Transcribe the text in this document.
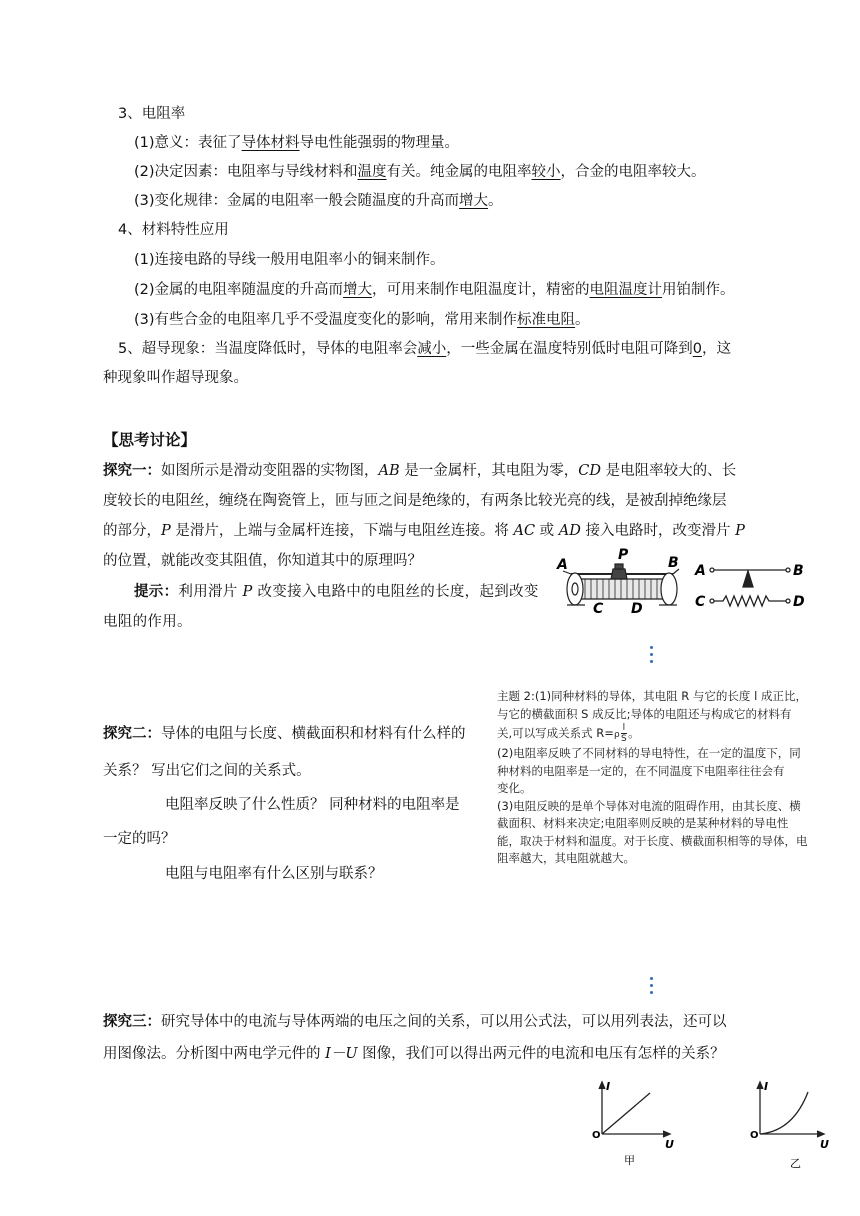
3、电阻率
(1)意义：表征了导体材料导电性能强弱的物理量。
(2)决定因素：电阻率与导线材料和温度有关。纯金属的电阻率较小，合金的电阻率较大。
(3)变化规律：金属的电阻率一般会随温度的升高而增大。
4、材料特性应用
(1)连接电路的导线一般用电阻率小的铜来制作。
(2)金属的电阻率随温度的升高而增大，可用来制作电阻温度计，精密的电阻温度计用铂制作。
(3)有些合金的电阻率几乎不受温度变化的影响，常用来制作标准电阻。
5、超导现象：当温度降低时，导体的电阻率会减小，一些金属在温度特别低时电阻可降到0，这
种现象叫作超导现象。
【思考讨论】
探究一：如图所示是滑动变阻器的实物图，AB 是一金属杆，其电阻为零，CD 是电阻率较大的、长
度较长的电阻丝，缠绕在陶瓷管上，匝与匝之间是绝缘的，有两条比较光亮的线，是被刮掉绝缘层
的部分，P 是滑片，上端与金属杆连接，下端与电阻丝连接。将 AC 或 AD 接入电路时，改变滑片 P
的位置，就能改变其阻值，你知道其中的原理吗？
提示：利用滑片 P 改变接入电路中的电阻丝的长度，起到改变
电阻的作用。
A
P	B
C D
A	B
C	D
探究二：导体的电阻与长度、横截面积和材料有什么样的
关系？ 写出它们之间的关系式。
电阻率反映了什么性质？ 同种材料的电阻率是
一定的吗？
电阻与电阻率有什么区别与联系？
主题 2:(1)同种材料的导体，其电阻 R 与它的长度 l 成正比，
与它的横截面积 S 成反比;导体的电阻还与构成它的材料有
关,可以写成关系式 $R=\rho \frac{l}{S}$ 。
(2)电阻率反映了不同材料的导电特性，在一定的温度下，同
种材料的电阻率是一定的，在不同温度下电阻率往往会有
变化。
(3)电阻反映的是单个导体对电流的阻碍作用，由其长度、横
截面积、材料来决定;电阻率则反映的是某种材料的导电性
能，取决于材料和温度。对于长度、横截面积相等的导体，电
阻率越大，其电阻就越大。
探究三：研究导体中的电流与导体两端的电压之间的关系，可以用公式法，可以用列表法，还可以
用图像法。分析图中两电学元件的 I－U 图像，我们可以得出两元件的电流和电压有怎样的关系？
I
U
O
甲
I
U
O
乙
